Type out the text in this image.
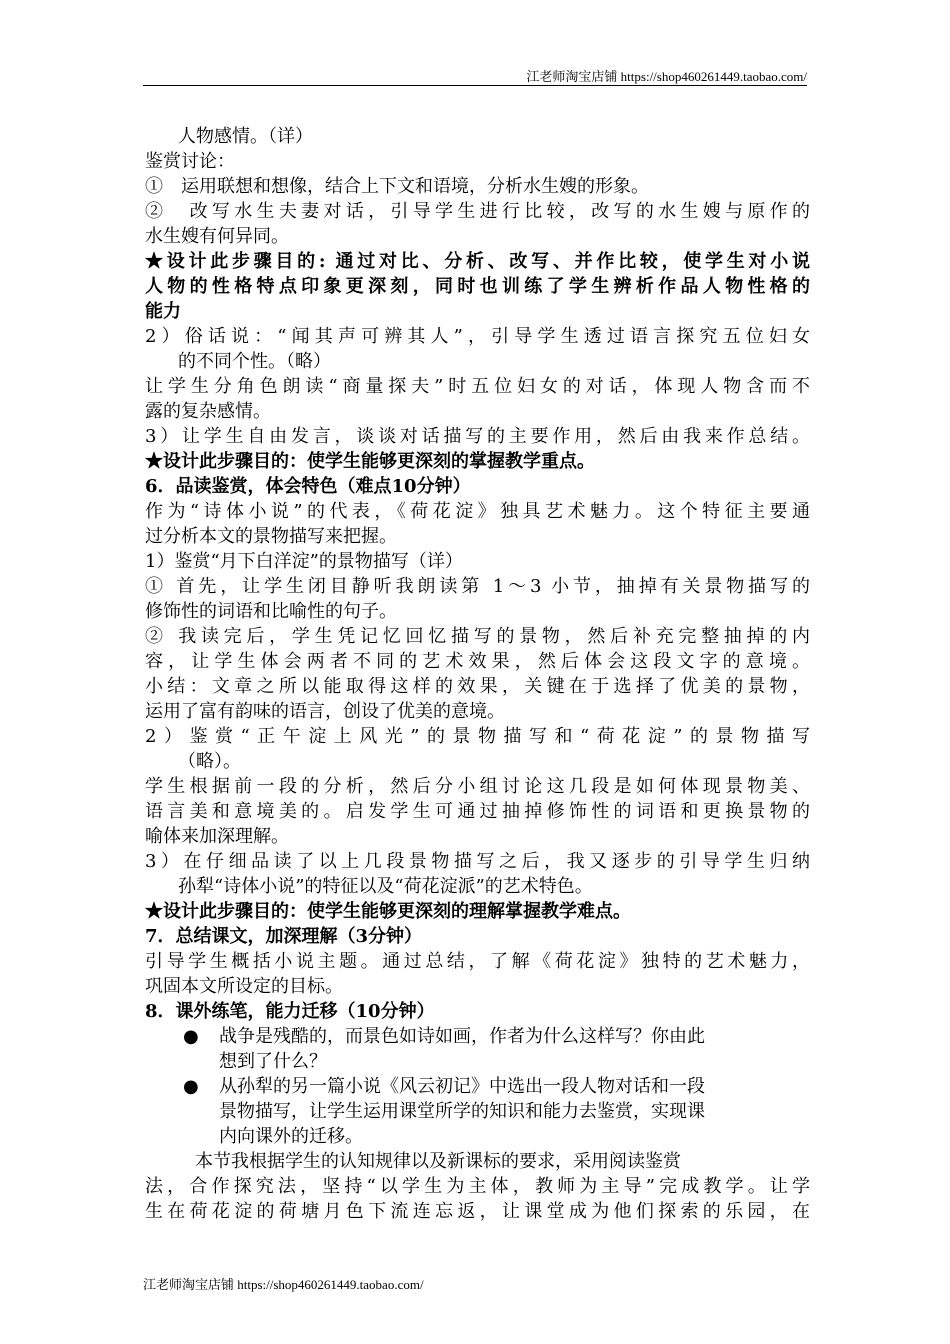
江老师淘宝店铺 https://shop460261449.taobao.com/
人物感情。（详）
鉴赏讨论：
①　运用联想和想像，结合上下文和语境，分析水生嫂的形象。
②　改写水生夫妻对话，引导学生进行比较，改写的水生嫂与原作的
水生嫂有何异同。
★设计此步骤目的: 通过对比、分析、改写、并作比较，使学生对小说
人物的性格特点印象更深刻，同时也训练了学生辨析作品人物性格的
能力
2）俗话说：“闻其声可辨其人”，引导学生透过语言探究五位妇女
的不同个性。（略）
让学生分角色朗读“商量探夫”时五位妇女的对话，体现人物含而不
露的复杂感情。
3）让学生自由发言，谈谈对话描写的主要作用，然后由我来作总结。
★设计此步骤目的：使学生能够更深刻的掌握教学重点。
6．品读鉴赏，体会特色（难点10分钟）
作为“诗体小说”的代表，《荷花淀》独具艺术魅力。这个特征主要通
过分析本文的景物描写来把握。
1）鉴赏“月下白洋淀”的景物描写（详）
① 首先，让学生闭目静听我朗读第 1～3 小节，抽掉有关景物描写的
修饰性的词语和比喻性的句子。
② 我读完后，学生凭记忆回忆描写的景物，然后补充完整抽掉的内
容，让学生体会两者不同的艺术效果，然后体会这段文字的意境。
小结：文章之所以能取得这样的效果，关键在于选择了优美的景物，
运用了富有韵味的语言，创设了优美的意境。
2）鉴赏“正午淀上风光”的景物描写和“荷花淀”的景物描写
（略）。
学生根据前一段的分析，然后分小组讨论这几段是如何体现景物美、
语言美和意境美的。启发学生可通过抽掉修饰性的词语和更换景物的
喻体来加深理解。
3）在仔细品读了以上几段景物描写之后，我又逐步的引导学生归纳
孙犁“诗体小说”的特征以及“荷花淀派”的艺术特色。
★设计此步骤目的：使学生能够更深刻的理解掌握教学难点。
7．总结课文，加深理解（3分钟）
引导学生概括小说主题。通过总结，了解《荷花淀》独特的艺术魅力，
巩固本文所设定的目标。
8．课外练笔，能力迁移（10分钟）
● 战争是残酷的，而景色如诗如画，作者为什么这样写？你由此
想到了什么？
● 从孙犁的另一篇小说《风云初记》中选出一段人物对话和一段
景物描写，让学生运用课堂所学的知识和能力去鉴赏，实现课
内向课外的迁移。
本节我根据学生的认知规律以及新课标的要求，采用阅读鉴赏
法，合作探究法，坚持“以学生为主体，教师为主导”完成教学。让学
生在荷花淀的荷塘月色下流连忘返，让课堂成为他们探索的乐园，在
江老师淘宝店铺 https://shop460261449.taobao.com/
